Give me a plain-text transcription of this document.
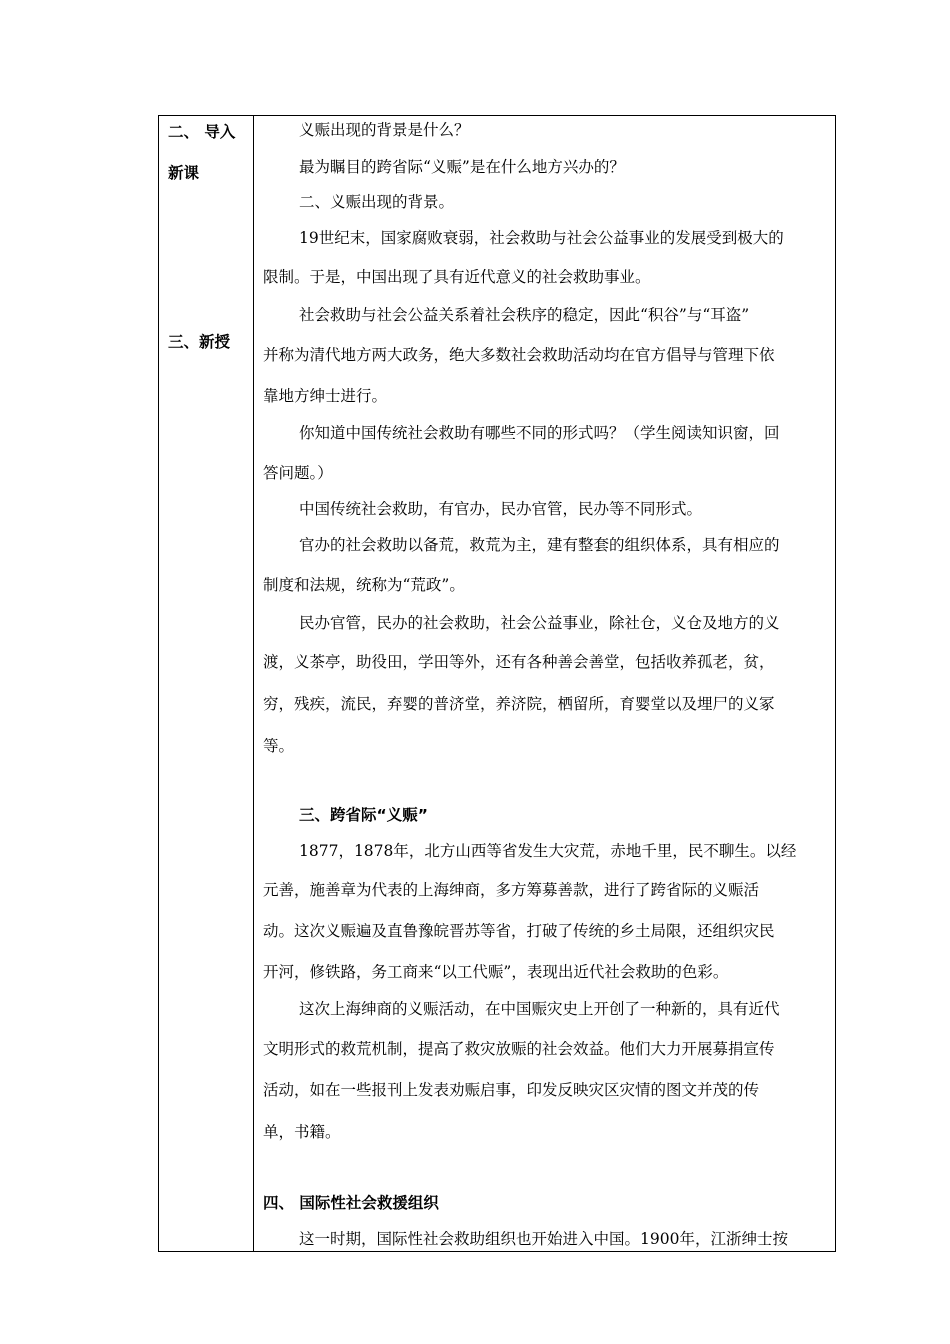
二、 导入
新课
三、新授
义赈出现的背景是什么？
最为瞩目的跨省际“义赈”是在什么地方兴办的？
二、义赈出现的背景。
19世纪末，国家腐败衰弱，社会救助与社会公益事业的发展受到极大的
限制。于是，中国出现了具有近代意义的社会救助事业。
社会救助与社会公益关系着社会秩序的稳定，因此“积谷”与“耳盗”
并称为清代地方两大政务，绝大多数社会救助活动均在官方倡导与管理下依
靠地方绅士进行。
你知道中国传统社会救助有哪些不同的形式吗？（学生阅读知识窗，回
答问题。）
中国传统社会救助，有官办，民办官管，民办等不同形式。
官办的社会救助以备荒，救荒为主，建有整套的组织体系，具有相应的
制度和法规，统称为“荒政”。
民办官管，民办的社会救助，社会公益事业，除社仓，义仓及地方的义
渡，义茶亭，助役田，学田等外，还有各种善会善堂，包括收养孤老，贫，
穷，残疾，流民，弃婴的普济堂，养济院，栖留所，育婴堂以及埋尸的义冢
等。
三、跨省际“义赈”
1877，1878年，北方山西等省发生大灾荒，赤地千里，民不聊生。以经
元善，施善章为代表的上海绅商，多方筹募善款，进行了跨省际的义赈活
动。这次义赈遍及直鲁豫皖晋苏等省，打破了传统的乡土局限，还组织灾民
开河，修铁路，务工商来“以工代赈”，表现出近代社会救助的色彩。
这次上海绅商的义赈活动，在中国赈灾史上开创了一种新的，具有近代
文明形式的救荒机制，提高了救灾放赈的社会效益。他们大力开展募捐宣传
活动，如在一些报刊上发表劝赈启事，印发反映灾区灾情的图文并茂的传
单，书籍。
四、 国际性社会救援组织
这一时期，国际性社会救助组织也开始进入中国。1900年，江浙绅士按
